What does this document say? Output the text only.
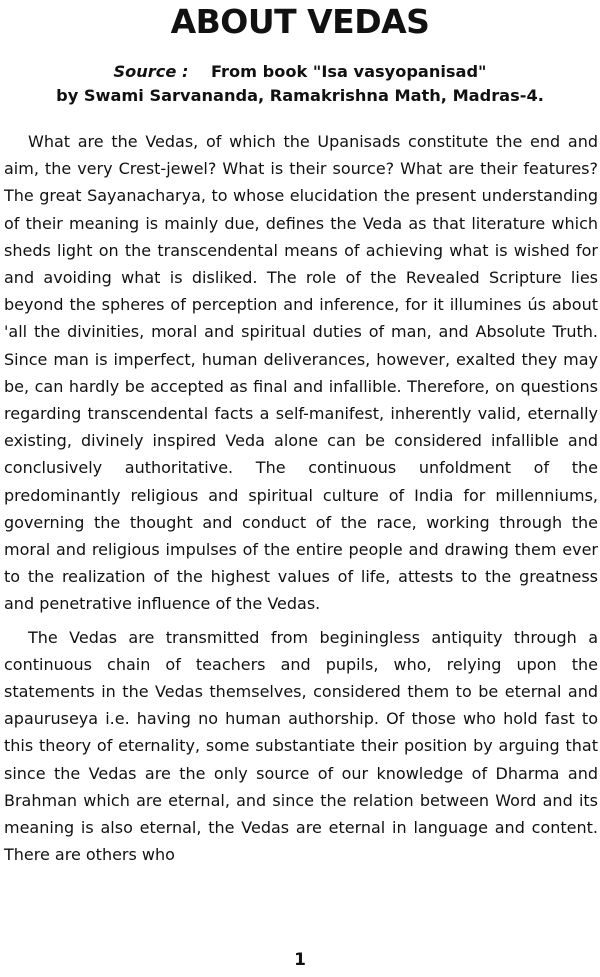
ABOUT VEDAS
Source : From book "Isa vasyopanisad"
by Swami Sarvananda, Ramakrishna Math, Madras-4.

What are the Vedas, of which the Upanisads constitute the end and aim, the very Crest-jewel? What is their source? What are their features? The great Sayanacharya, to whose elucidation the present understanding of their meaning is mainly due, defines the Veda as that literature which sheds light on the transcendental means of achieving what is wished for and avoiding what is disliked. The role of the Revealed Scripture lies beyond the spheres of perception and inference, for it illumines ús about 'all the divinities, moral and spiritual duties of man, and Absolute Truth. Since man is imperfect, human deliverances, however, exalted they may be, can hardly be accepted as final and infallible. Therefore, on questions regarding transcendental facts a self-manifest, inherently valid, eternally existing, divinely inspired Veda alone can be considered infallible and conclusively authoritative. The continuous unfoldment of the predominantly religious and spiritual culture of India for millenniums, governing the thought and conduct of the race, working through the moral and religious impulses of the entire people and drawing them ever to the realization of the highest values of life, attests to the greatness and penetrative influence of the Vedas.

The Vedas are transmitted from beginingless antiquity through a continuous chain of teachers and pupils, who, relying upon the statements in the Vedas themselves, considered them to be eternal and apauruseya i.e. having no human authorship. Of those who hold fast to this theory of eternality, some substantiate their position by arguing that since the Vedas are the only source of our knowledge of Dharma and Brahman which are eternal, and since the relation between Word and its meaning is also eternal, the Vedas are eternal in language and content. There are others who

1
